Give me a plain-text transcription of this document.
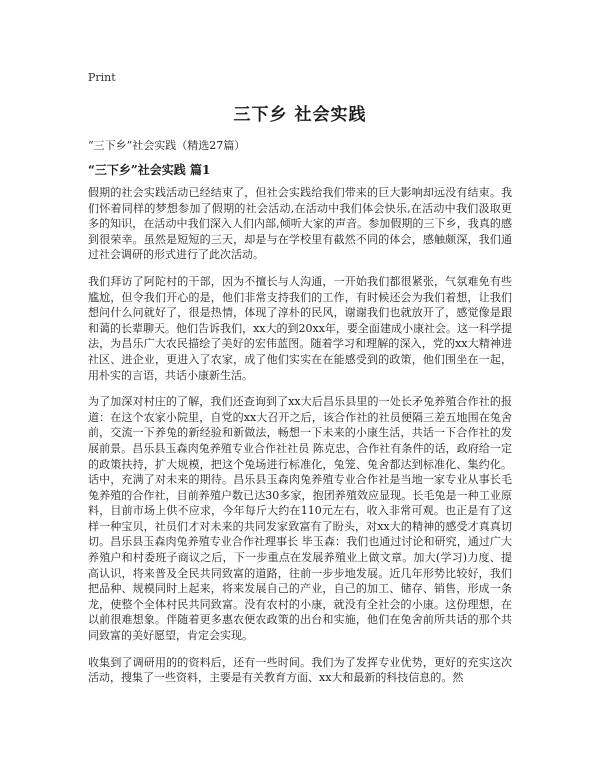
Print
三下乡 社会实践
“三下乡”社会实践（精选27篇）
“三下乡”社会实践 篇1

假期的社会实践活动已经结束了，但社会实践给我们带来的巨大影响却远没有结束。我们怀着同样的梦想参加了假期的社会活动,在活动中我们体会快乐,在活动中我们汲取更多的知识，在活动中我们深入人们内部,倾听大家的声音。参加假期的三下乡，我真的感到很荣幸。虽然是短短的三天，却是与在学校里有截然不同的体会，感触颇深，我们通过社会调研的形式进行了此次活动。

我们拜访了阿陀村的干部，因为不擅长与人沟通，一开始我们都很紧张，气氛难免有些尴尬，但令我们开心的是，他们非常支持我们的工作，有时候还会为我们着想，让我们想问什么问就好了，很是热情，体现了淳朴的民风，谢谢我们也就放开了，感觉像是跟和蔼的长辈聊天。他们告诉我们，xx大的到20xx年，要全面建成小康社会。这一科学提法，为昌乐广大农民描绘了美好的宏伟蓝图。随着学习和理解的深入，党的xx大精神进社区、进企业，更进入了农家，成了他们实实在在能感受到的政策，他们围坐在一起，用朴实的言语，共话小康新生活。

为了加深对村庄的了解，我们还查询到了xx大后昌乐县里的一处长矛兔养殖合作社的报道：在这个农家小院里，自党的xx大召开之后，该合作社的社员便隔三差五地围在兔舍前，交流一下养兔的新经验和新做法，畅想一下未来的小康生活，共话一下合作社的发展前景。昌乐县玉森肉兔养殖专业合作社社员 陈克忠，合作社有条件的话，政府给一定的政策扶持，扩大规模，把这个兔场进行标准化，兔笼、兔舍都达到标准化、集约化。话中，充满了对未来的期待。昌乐县玉森肉兔养殖专业合作社是当地一家专业从事长毛兔养殖的合作社，目前养殖户数已达30多家，抱团养殖效应显现。长毛兔是一种工业原料，目前市场上供不应求，今年每斤大约在110元左右，收入非常可观。也正是有了这样一种宝贝，社员们才对未来的共同发家致富有了盼头，对xx大的精神的感受才真真切切。昌乐县玉森肉兔养殖专业合作社理事长 毕玉森：我们也通过讨论和研究，通过广大养殖户和村委班子商议之后，下一步重点在发展养殖业上做文章。加大(学习)力度、提高认识，将来普及全民共同致富的道路，往前一步步地发展。近几年形势比较好，我们把品种、规模同时上起来，将来发展自己的产业，自己的加工、储存、销售，形成一条龙，使整个全体村民共同致富。没有农村的小康，就没有全社会的小康。这份理想，在以前很难想象。伴随着更多惠农便农政策的出台和实施，他们在兔舍前所共话的那个共同致富的美好愿望，肯定会实现。

收集到了调研用的的资料后，还有一些时间。我们为了发挥专业优势，更好的充实这次活动，搜集了一些资料，主要是有关教育方面、xx大和最新的科技信息的。然
